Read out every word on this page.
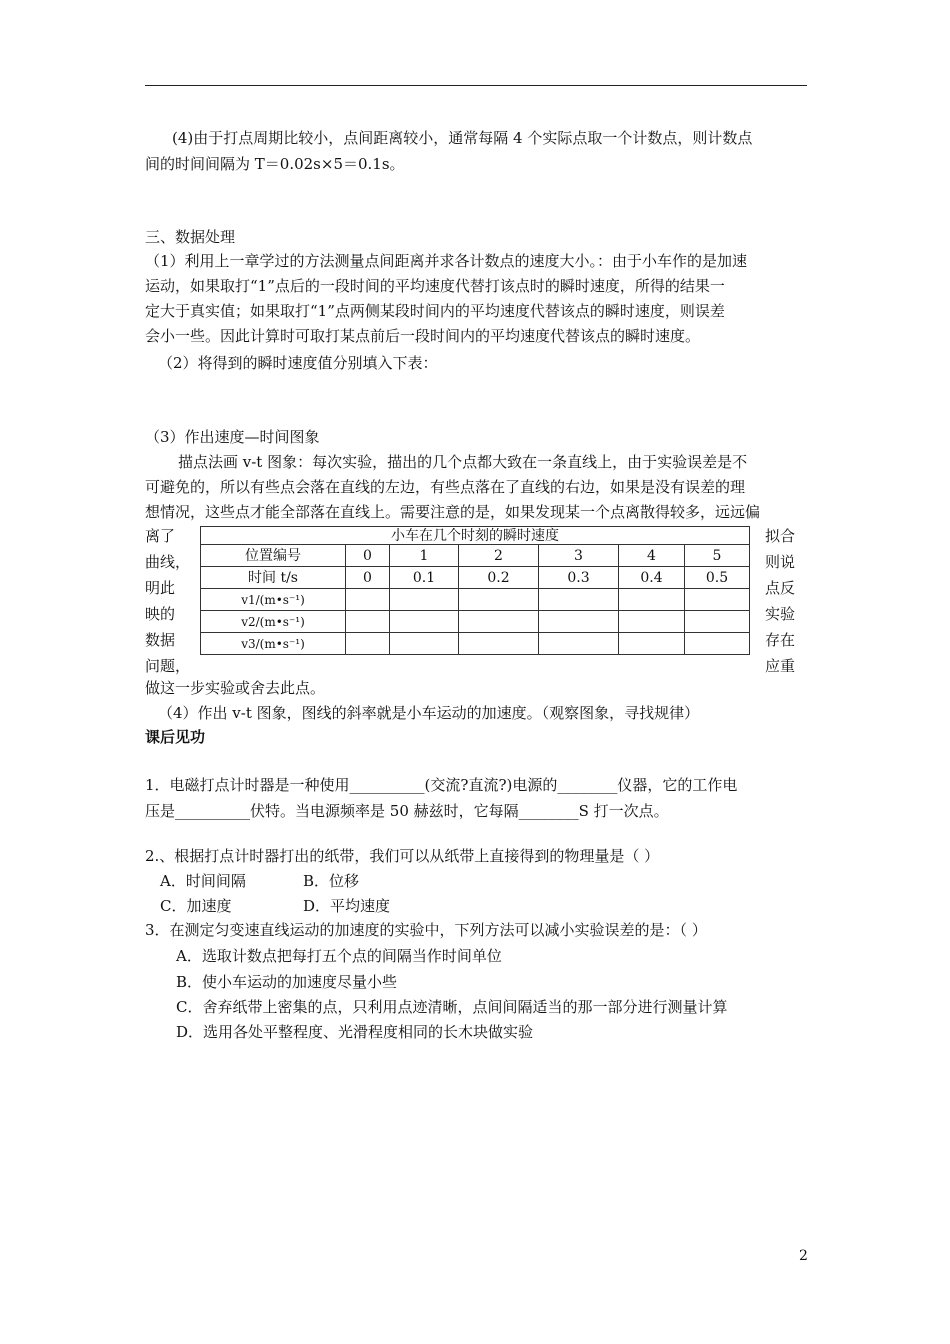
(4)由于打点周期比较小，点间距离较小，通常每隔 4 个实际点取一个计数点，则计数点
间的时间间隔为 T＝0.02s×5＝0.1s。
三、数据处理
（1）利用上一章学过的方法测量点间距离并求各计数点的速度大小。：由于小车作的是加速
运动，如果取打“1”点后的一段时间的平均速度代替打该点时的瞬时速度，所得的结果一
定大于真实值；如果取打“1”点两侧某段时间内的平均速度代替该点的瞬时速度，则误差
会小一些。因此计算时可取打某点前后一段时间内的平均速度代替该点的瞬时速度。
（2）将得到的瞬时速度值分别填入下表：
（3）作出速度—时间图象
描点法画 v-t 图象：每次实验，描出的几个点都大致在一条直线上，由于实验误差是不
可避免的，所以有些点会落在直线的左边，有些点落在了直线的右边，如果是没有误差的理
想情况，这些点才能全部落在直线上。需要注意的是，如果发现某一个点离散得较多，远远偏
离了
曲线，
明此
映的
数据
问题，
拟合
则说
点反
实验
存在
应重
小车在几个时刻的瞬时速度						
位置编号	0	1	2	3	4	5
时间 t/s	0	0.1	0.2	0.3	0.4	0.5
v1/(m•s⁻¹)						
v2/(m•s⁻¹)						
v3/(m•s⁻¹)						
做这一步实验或舍去此点。
（4）作出 v-t 图象，图线的斜率就是小车运动的加速度。（观察图象，寻找规律）
课后见功
1．电磁打点计时器是一种使用__________(交流?直流?)电源的________仪器，它的工作电
压是__________伏特。当电源频率是 50 赫兹时，它每隔________S 打一次点。
2.、根据打点计时器打出的纸带，我们可以从纸带上直接得到的物理量是（ ）
A．时间间隔	B．位移
C．加速度	D．平均速度
3．在测定匀变速直线运动的加速度的实验中，下列方法可以减小实验误差的是：（ ）
A．选取计数点把每打五个点的间隔当作时间单位
B．使小车运动的加速度尽量小些
C．舍弃纸带上密集的点，只利用点迹清晰，点间间隔适当的那一部分进行测量计算
D．选用各处平整程度、光滑程度相同的长木块做实验
2
